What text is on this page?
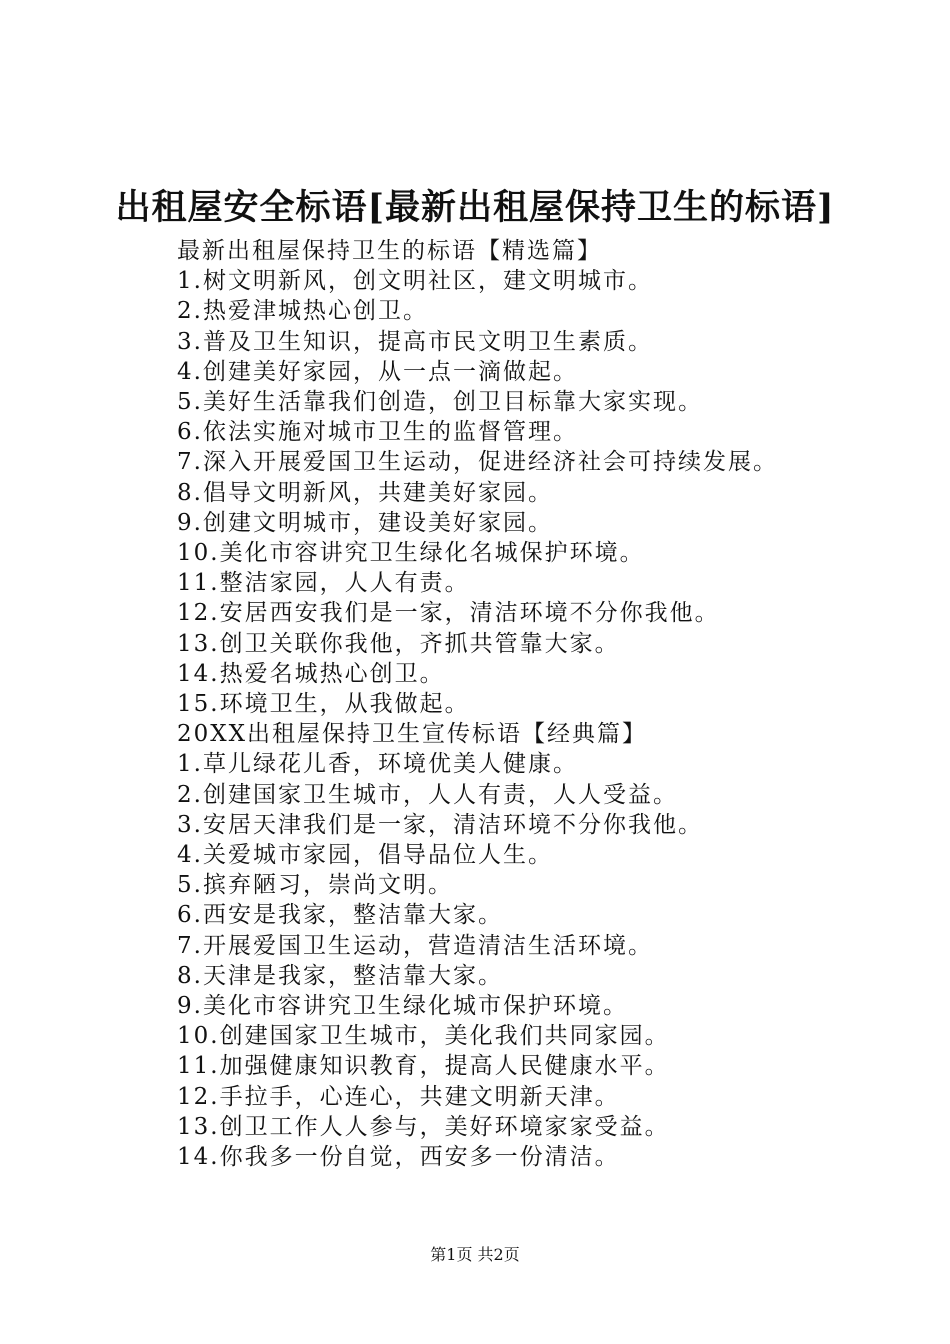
出租屋安全标语[最新出租屋保持卫生的标语]
最新出租屋保持卫生的标语【精选篇】
1.树文明新风，创文明社区，建文明城市。
2.热爱津城热心创卫。
3.普及卫生知识，提高市民文明卫生素质。
4.创建美好家园，从一点一滴做起。
5.美好生活靠我们创造，创卫目标靠大家实现。
6.依法实施对城市卫生的监督管理。
7.深入开展爱国卫生运动，促进经济社会可持续发展。
8.倡导文明新风，共建美好家园。
9.创建文明城市，建设美好家园。
10.美化市容讲究卫生绿化名城保护环境。
11.整洁家园，人人有责。
12.安居西安我们是一家，清洁环境不分你我他。
13.创卫关联你我他，齐抓共管靠大家。
14.热爱名城热心创卫。
15.环境卫生，从我做起。
20XX出租屋保持卫生宣传标语【经典篇】
1.草儿绿花儿香，环境优美人健康。
2.创建国家卫生城市，人人有责，人人受益。
3.安居天津我们是一家，清洁环境不分你我他。
4.关爱城市家园，倡导品位人生。
5.摈弃陋习，崇尚文明。
6.西安是我家，整洁靠大家。
7.开展爱国卫生运动，营造清洁生活环境。
8.天津是我家，整洁靠大家。
9.美化市容讲究卫生绿化城市保护环境。
10.创建国家卫生城市，美化我们共同家园。
11.加强健康知识教育，提高人民健康水平。
12.手拉手，心连心，共建文明新天津。
13.创卫工作人人参与，美好环境家家受益。
14.你我多一份自觉，西安多一份清洁。
第1页 共2页
